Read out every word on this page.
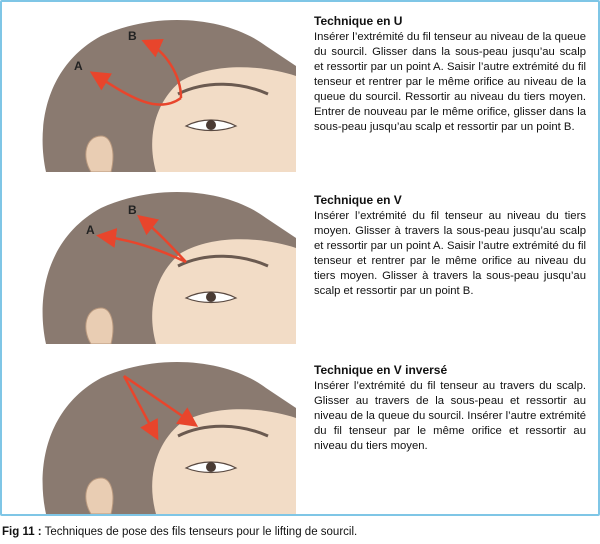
A
B
Technique en U
Insérer l’extrémité du fil tenseur au niveau de la queue du sourcil. Glisser dans la sous-peau jusqu’au scalp et ressortir par un point A. Saisir l’autre extrémité du fil tenseur et rentrer par le même orifice au niveau de la queue du sourcil. Ressortir au niveau du tiers moyen. Entrer de nouveau par le même orifice, glisser dans la sous-peau jusqu’au scalp et ressortir par un point B.
A
B
Technique en V
Insérer l’extrémité du fil tenseur au niveau du tiers moyen. Glisser à travers la sous-peau jusqu’au scalp et ressortir par un point A. Saisir l’autre extrémité du fil tenseur et rentrer par le même orifice au niveau du tiers moyen. Glisser à travers la sous-peau jusqu’au scalp et ressortir par un point B.
Technique en V inversé
Insérer l’extrémité du fil tenseur au travers du scalp. Glisser au travers de la sous-peau et ressortir au niveau de la queue du sourcil. Insérer l’autre extrémité du fil tenseur par le même orifice et ressortir au niveau du tiers moyen.
Fig 11 : Techniques de pose des fils tenseurs pour le lifting de sourcil.
